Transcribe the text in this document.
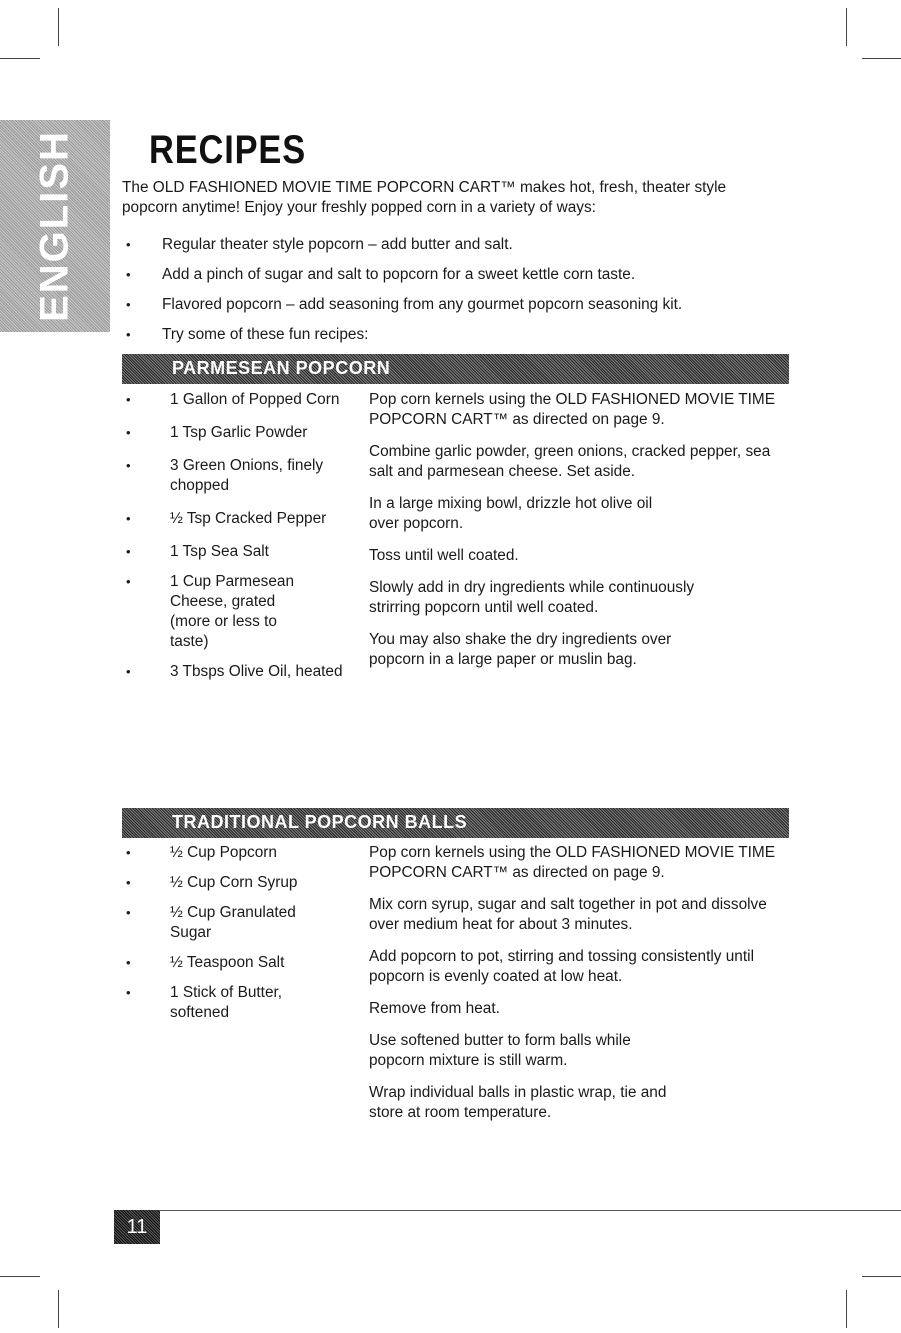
ENGLISH RECIPES

The OLD FASHIONED MOVIE TIME POPCORN CART™ makes hot, fresh, theater style popcorn anytime! Enjoy your freshly popped corn in a variety of ways:

• Regular theater style popcorn – add butter and salt.
• Add a pinch of sugar and salt to popcorn for a sweet kettle corn taste.
• Flavored popcorn – add seasoning from any gourmet popcorn seasoning kit.
• Try some of these fun recipes:
PARMESEAN POPCORN
• 1 Gallon of Popped Corn
• 1 Tsp Garlic Powder
• 3 Green Onions, finely chopped
• ½ Tsp Cracked Pepper
• 1 Tsp Sea Salt
• 1 Cup Parmesean Cheese, grated (more or less to taste)
• 3 Tbsps Olive Oil, heated

Pop corn kernels using the OLD FASHIONED MOVIE TIME POPCORN CART™ as directed on page 9.

Combine garlic powder, green onions, cracked pepper, sea salt and parmesean cheese. Set aside.

In a large mixing bowl, drizzle hot olive oil over popcorn.

Toss until well coated.

Slowly add in dry ingredients while continuously strirring popcorn until well coated.

You may also shake the dry ingredients over popcorn in a large paper or muslin bag.

TRADITIONAL POPCORN BALLS
• ½ Cup Popcorn
• ½ Cup Corn Syrup
• ½ Cup Granulated Sugar
• ½ Teaspoon Salt
• 1 Stick of Butter, softened

Pop corn kernels using the OLD FASHIONED MOVIE TIME POPCORN CART™ as directed on page 9.

Mix corn syrup, sugar and salt together in pot and dissolve over medium heat for about 3 minutes.

Add popcorn to pot, stirring and tossing consistently until popcorn is evenly coated at low heat.

Remove from heat.

Use softened butter to form balls while popcorn mixture is still warm.

Wrap individual balls in plastic wrap, tie and store at room temperature.

11
